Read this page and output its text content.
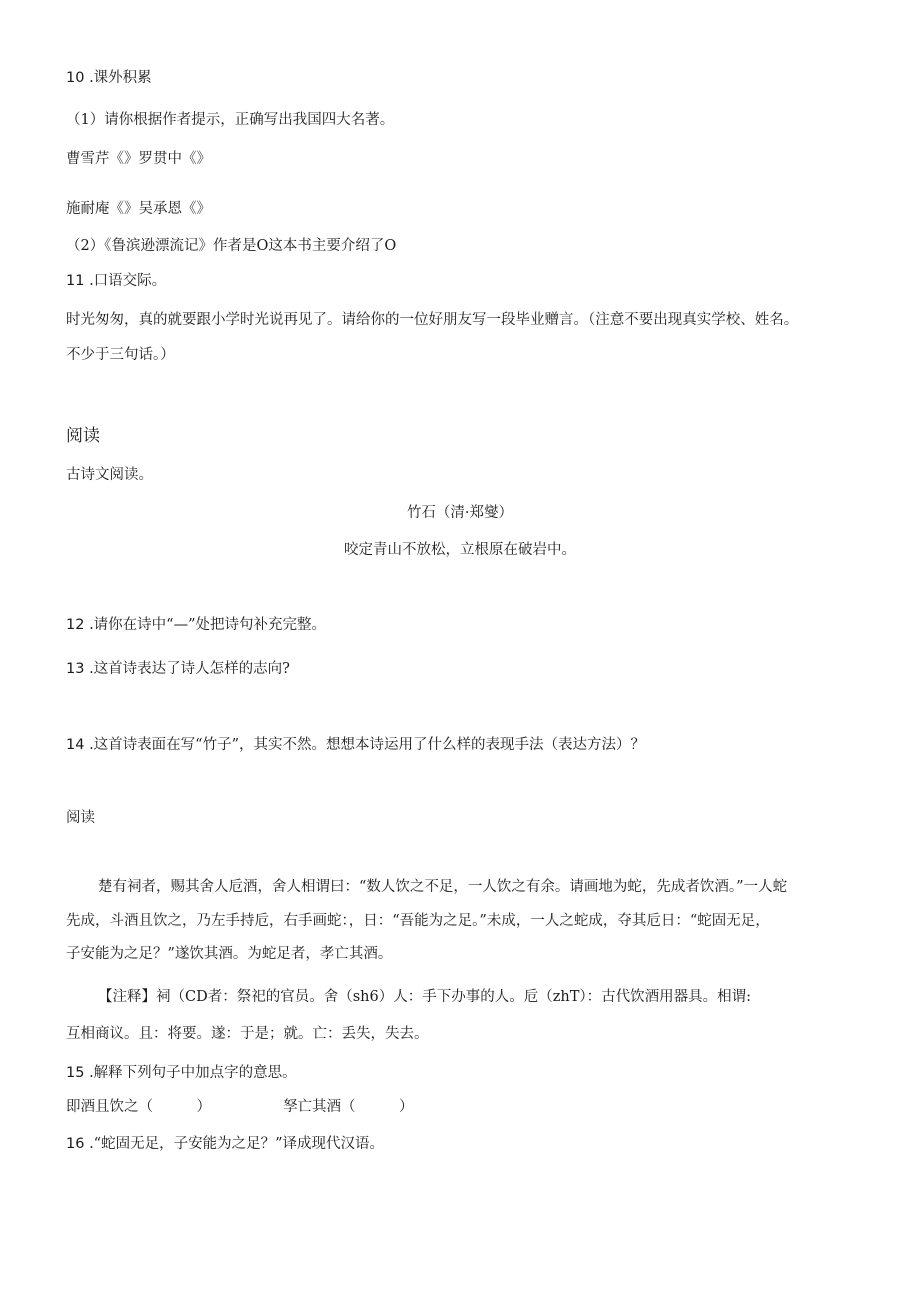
10 .课外积累
（1）请你根据作者提示，正确写出我国四大名著。
曹雪芹《》罗贯中《》
施耐庵《》吴承恩《》
（2）《鲁滨逊漂流记》作者是O这本书主要介绍了O
11 .口语交际。
时光匆匆，真的就要跟小学时光说再见了。请给你的一位好朋友写一段毕业赠言。（注意不要出现真实学校、姓名。
不少于三句话。）
阅读
古诗文阅读。
竹石（清·郑燮）
咬定青山不放松，立根原在破岩中。
12 .请你在诗中“—”处把诗句补充完整。
13 .这首诗表达了诗人怎样的志向?
14 .这首诗表面在写“竹子”，其实不然。想想本诗运用了什么样的表现手法（表达方法）？
阅读
楚有祠者，赐其舍人卮酒，舍人相谓曰：“数人饮之不足，一人饮之有余。请画地为蛇，先成者饮酒。”一人蛇
先成，斗酒且饮之，乃左手持卮，右手画蛇：，日：“吾能为之足。”未成，一人之蛇成，夺其卮日：“蛇固无足，
子安能为之足？”遂饮其酒。为蛇足者，孝亡其酒。
【注释】祠（CD者：祭祀的官员。舍（sh6）人：手下办事的人。卮（zhT）：古代饮酒用器具。相谓:
互相商议。且：将要。遂：于是；就。亡：丢失，失去。
15 .解释下列句子中加点字的意思。
即酒且饮之（　　　）	孥亡其酒（　　　）
16 .“蛇固无足，子安能为之足？”译成现代汉语。
